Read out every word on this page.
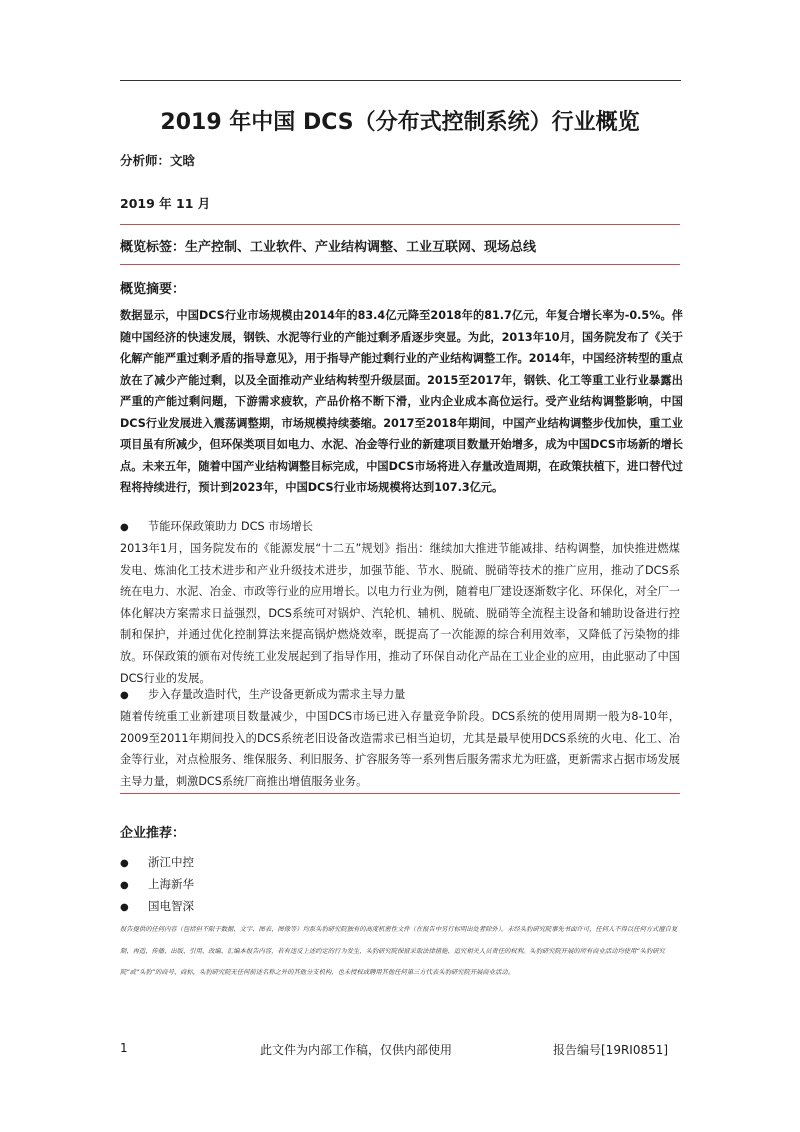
2019 年中国 DCS（分布式控制系统）行业概览
分析师：文晗
2019 年 11 月
概览标签：生产控制、工业软件、产业结构调整、工业互联网、现场总线
概览摘要：
数据显示，中国DCS行业市场规模由2014年的83.4亿元降至2018年的81.7亿元，年复合增长率为-0.5%。伴随中国经济的快速发展，钢铁、水泥等行业的产能过剩矛盾逐步突显。为此，2013年10月，国务院发布了《关于化解产能严重过剩矛盾的指导意见》，用于指导产能过剩行业的产业结构调整工作。2014年，中国经济转型的重点放在了减少产能过剩，以及全面推动产业结构转型升级层面。2015至2017年，钢铁、化工等重工业行业暴露出严重的产能过剩问题，下游需求疲软，产品价格不断下滑，业内企业成本高位运行。受产业结构调整影响，中国DCS行业发展进入震荡调整期，市场规模持续萎缩。2017至2018年期间，中国产业结构调整步伐加快，重工业项目虽有所减少，但环保类项目如电力、水泥、冶金等行业的新建项目数量开始增多，成为中国DCS市场新的增长点。未来五年，随着中国产业结构调整目标完成，中国DCS市场将进入存量改造周期，在政策扶植下，进口替代过程将持续进行，预计到2023年，中国DCS行业市场规模将达到107.3亿元。
● 节能环保政策助力 DCS 市场增长
2013年1月，国务院发布的《能源发展“十二五”规划》指出：继续加大推进节能减排、结构调整，加快推进燃煤发电、炼油化工技术进步和产业升级技术进步，加强节能、节水、脱硫、脱硝等技术的推广应用，推动了DCS系统在电力、水泥、冶金、市政等行业的应用增长。以电力行业为例，随着电厂建设逐渐数字化、环保化，对全厂一体化解决方案需求日益强烈，DCS系统可对锅炉、汽轮机、辅机、脱硫、脱硝等全流程主设备和辅助设备进行控制和保护，并通过优化控制算法来提高锅炉燃烧效率，既提高了一次能源的综合利用效率，又降低了污染物的排放。环保政策的颁布对传统工业发展起到了指导作用，推动了环保自动化产品在工业企业的应用，由此驱动了中国DCS行业的发展。
● 步入存量改造时代，生产设备更新成为需求主导力量
随着传统重工业新建项目数量减少，中国DCS市场已进入存量竞争阶段。DCS系统的使用周期一般为8-10年，2009至2011年期间投入的DCS系统老旧设备改造需求已相当迫切，尤其是最早使用DCS系统的火电、化工、冶金等行业，对点检服务、维保服务、利旧服务、扩容服务等一系列售后服务需求尤为旺盛，更新需求占据市场发展主导力量，刺激DCS系统厂商推出增值服务业务。
企业推荐：
● 浙江中控
● 上海新华
● 国电智深
报告提供的任何内容（包括但不限于数据、文字、图表、图像等）均系头豹研究院独有的高度机密性文件（在报告中另行标明出处者除外）。未经头豹研究院事先书面许可，任何人不得以任何方式擅自复制、再造、传播、出版、引用、改编、汇编本报告内容，若有违反上述约定的行为发生，头豹研究院保留采取法律措施、追究相关人员责任的权利。头豹研究院开展的所有商业活动均使用“头豹研究院”或“头豹”的商号、商标，头豹研究院无任何前述名称之外的其他分支机构，也未授权或聘用其他任何第三方代表头豹研究院开展商业活动。
1	此文件为内部工作稿，仅供内部使用	报告编号[19RI0851]
